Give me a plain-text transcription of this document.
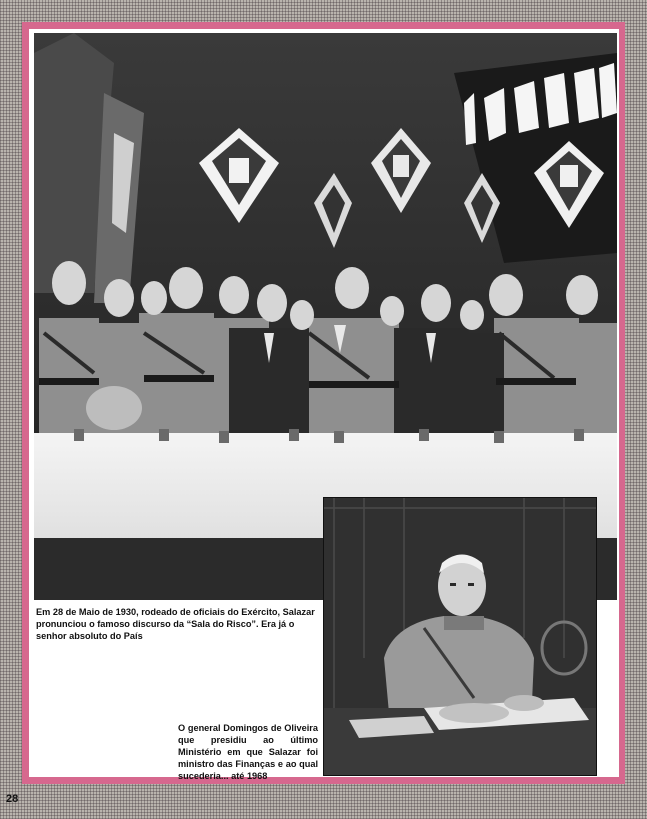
Em 28 de Maio de 1930, rodeado de oficiais do Exército, Salazar pronunciou o famoso discurso da “Sala do Risco”. Era já o senhor absoluto do País
O general Domingos de Oliveira que presidiu ao último Ministério em que Salazar foi ministro das Finanças e ao qual sucederia... até 1968
28
